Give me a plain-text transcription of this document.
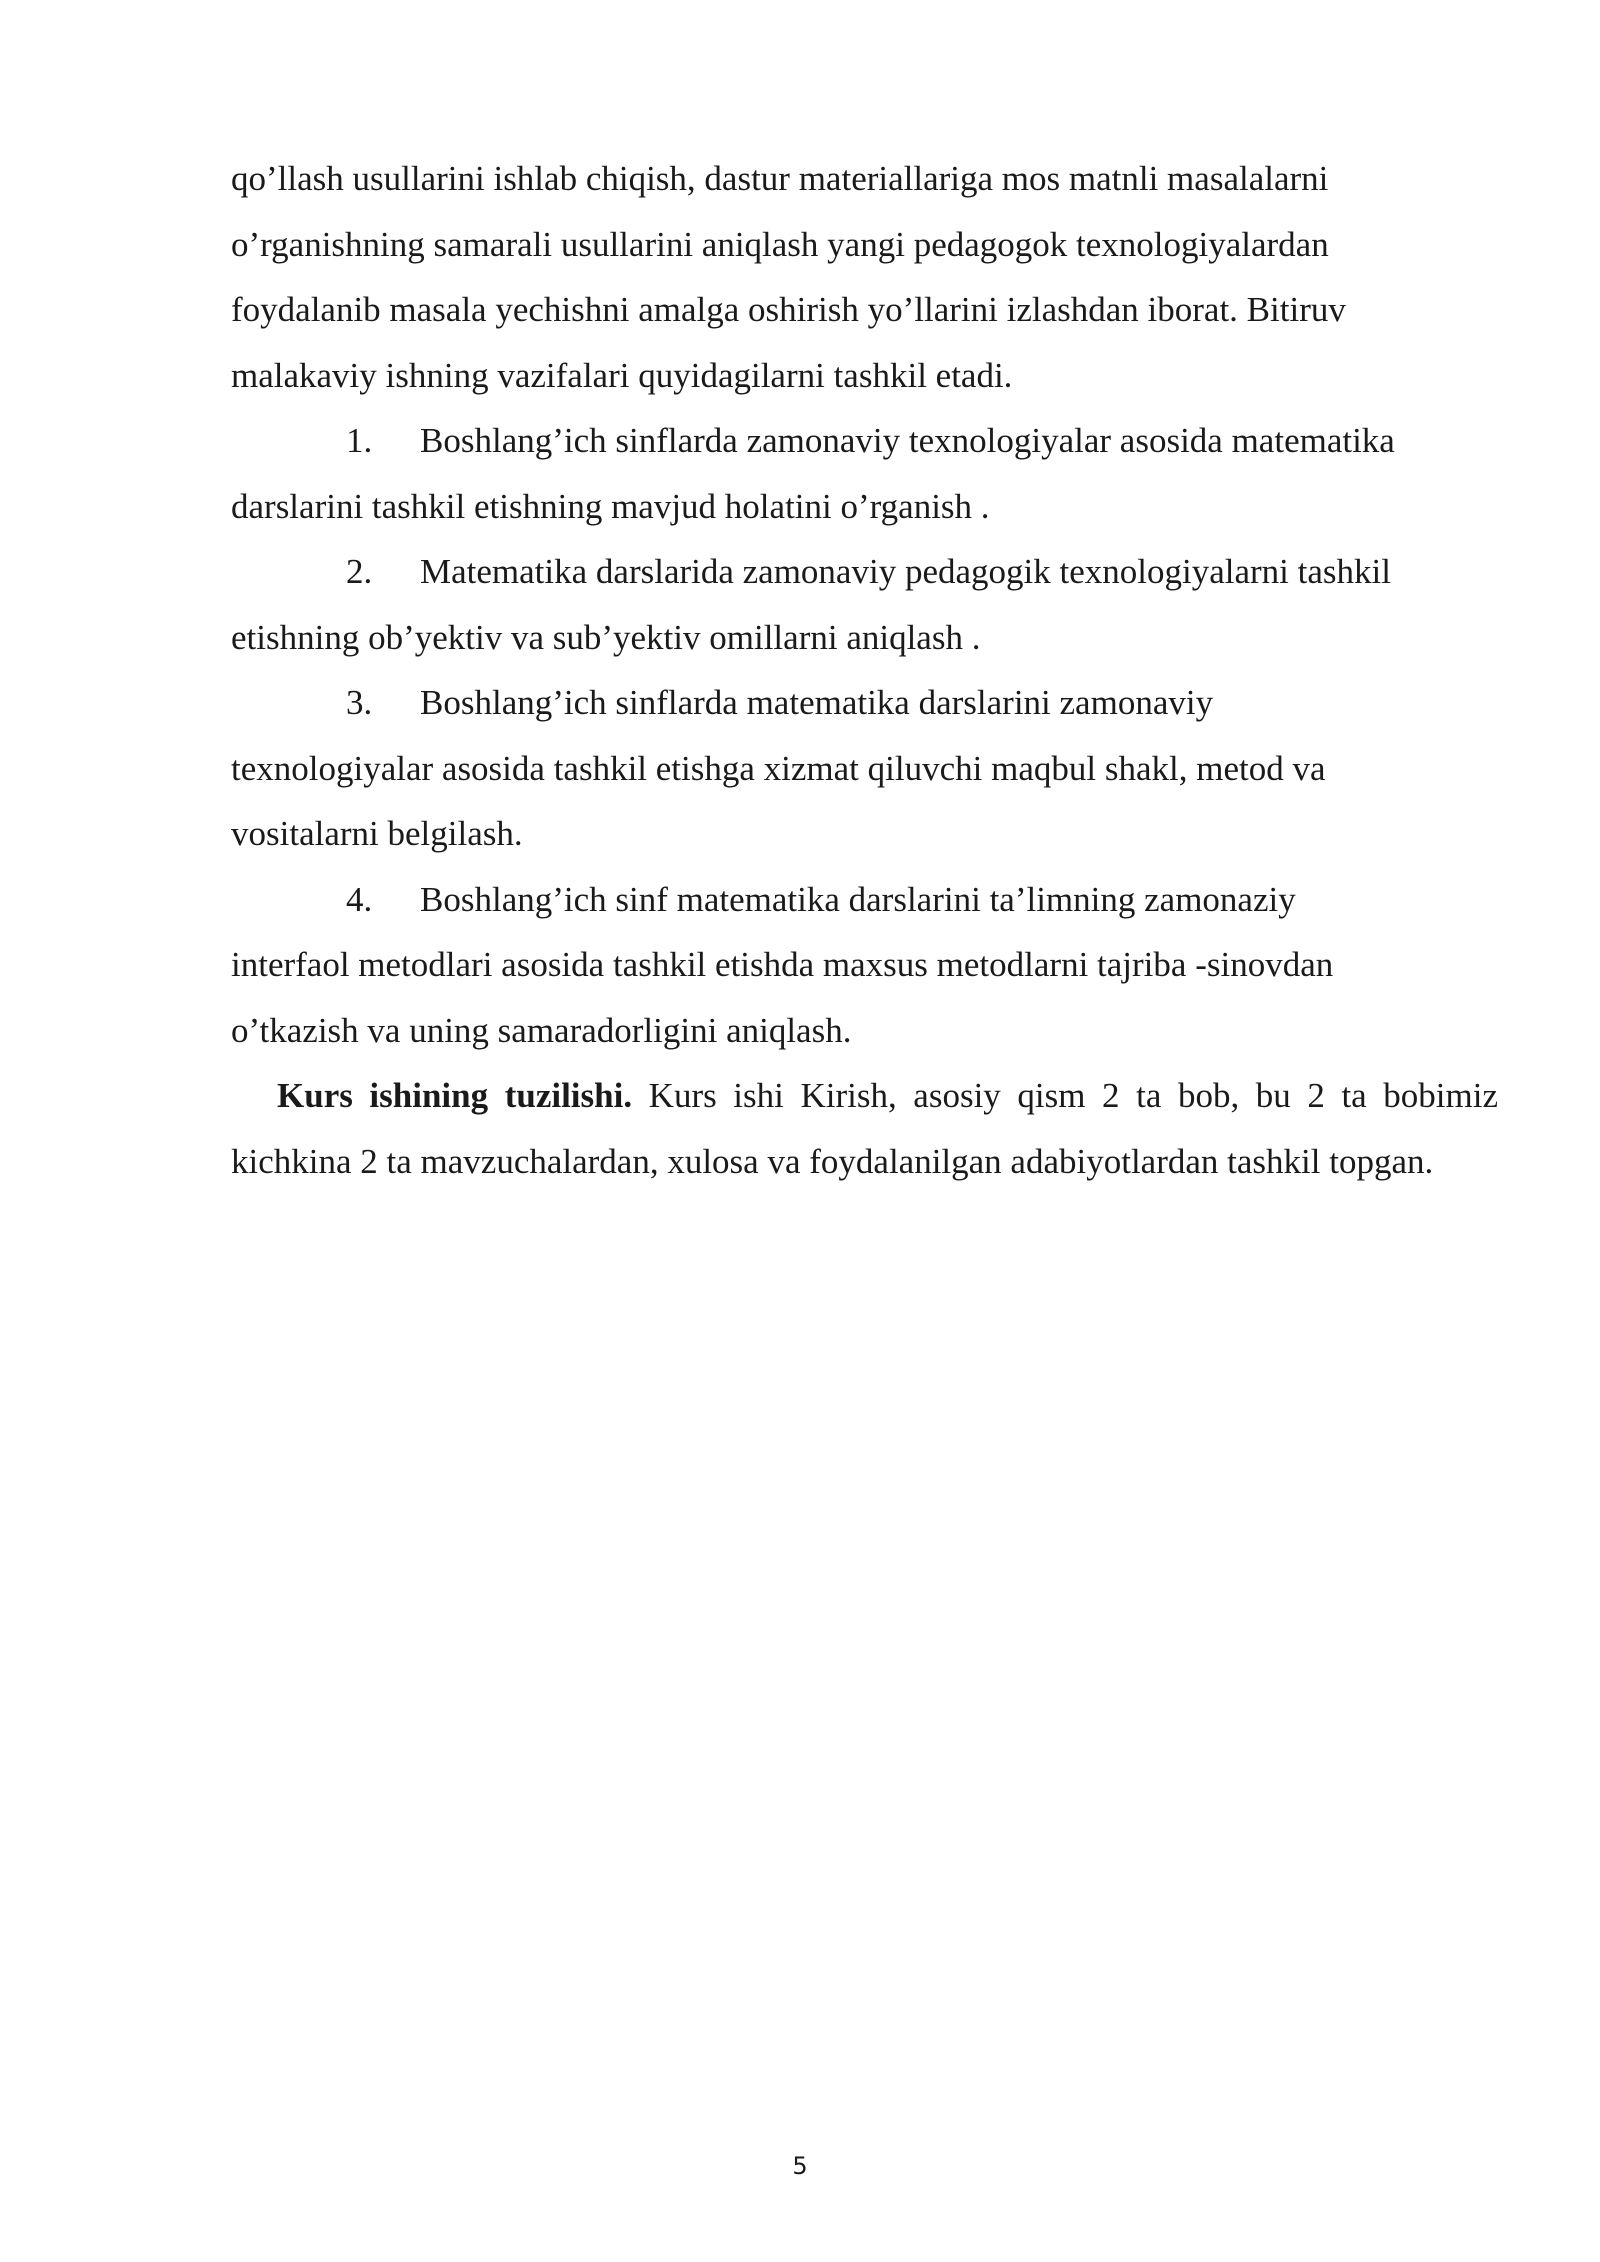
qo’llash usullarini ishlab chiqish, dastur materiallariga mos matnli masalalarni
o’rganishning samarali usullarini aniqlash yangi pedagogok texnologiyalardan
foydalanib masala yechishni amalga oshirish yo’llarini izlashdan iborat. Bitiruv
malakaviy ishning vazifalari quyidagilarni tashkil etadi.

1. Boshlang’ich sinflarda zamonaviy texnologiyalar asosida matematika
darslarini tashkil etishning mavjud holatini o’rganish .

2. Matematika darslarida zamonaviy pedagogik texnologiyalarni tashkil
etishning ob’yektiv va sub’yektiv omillarni aniqlash .

3. Boshlang’ich sinflarda matematika darslarini zamonaviy
texnologiyalar asosida tashkil etishga xizmat qiluvchi maqbul shakl, metod va
vositalarni belgilash.

4. Boshlang’ich sinf matematika darslarini ta’limning zamonaziy
interfaol metodlari asosida tashkil etishda maxsus metodlarni tajriba -sinovdan
o’tkazish va uning samaradorligini aniqlash.

Kurs ishining tuzilishi. Kurs ishi Kirish, asosiy qism 2 ta bob, bu 2 ta bobimiz kichkina 2 ta mavzuchalardan, xulosa va foydalanilgan adabiyotlardan tashkil topgan.

5
